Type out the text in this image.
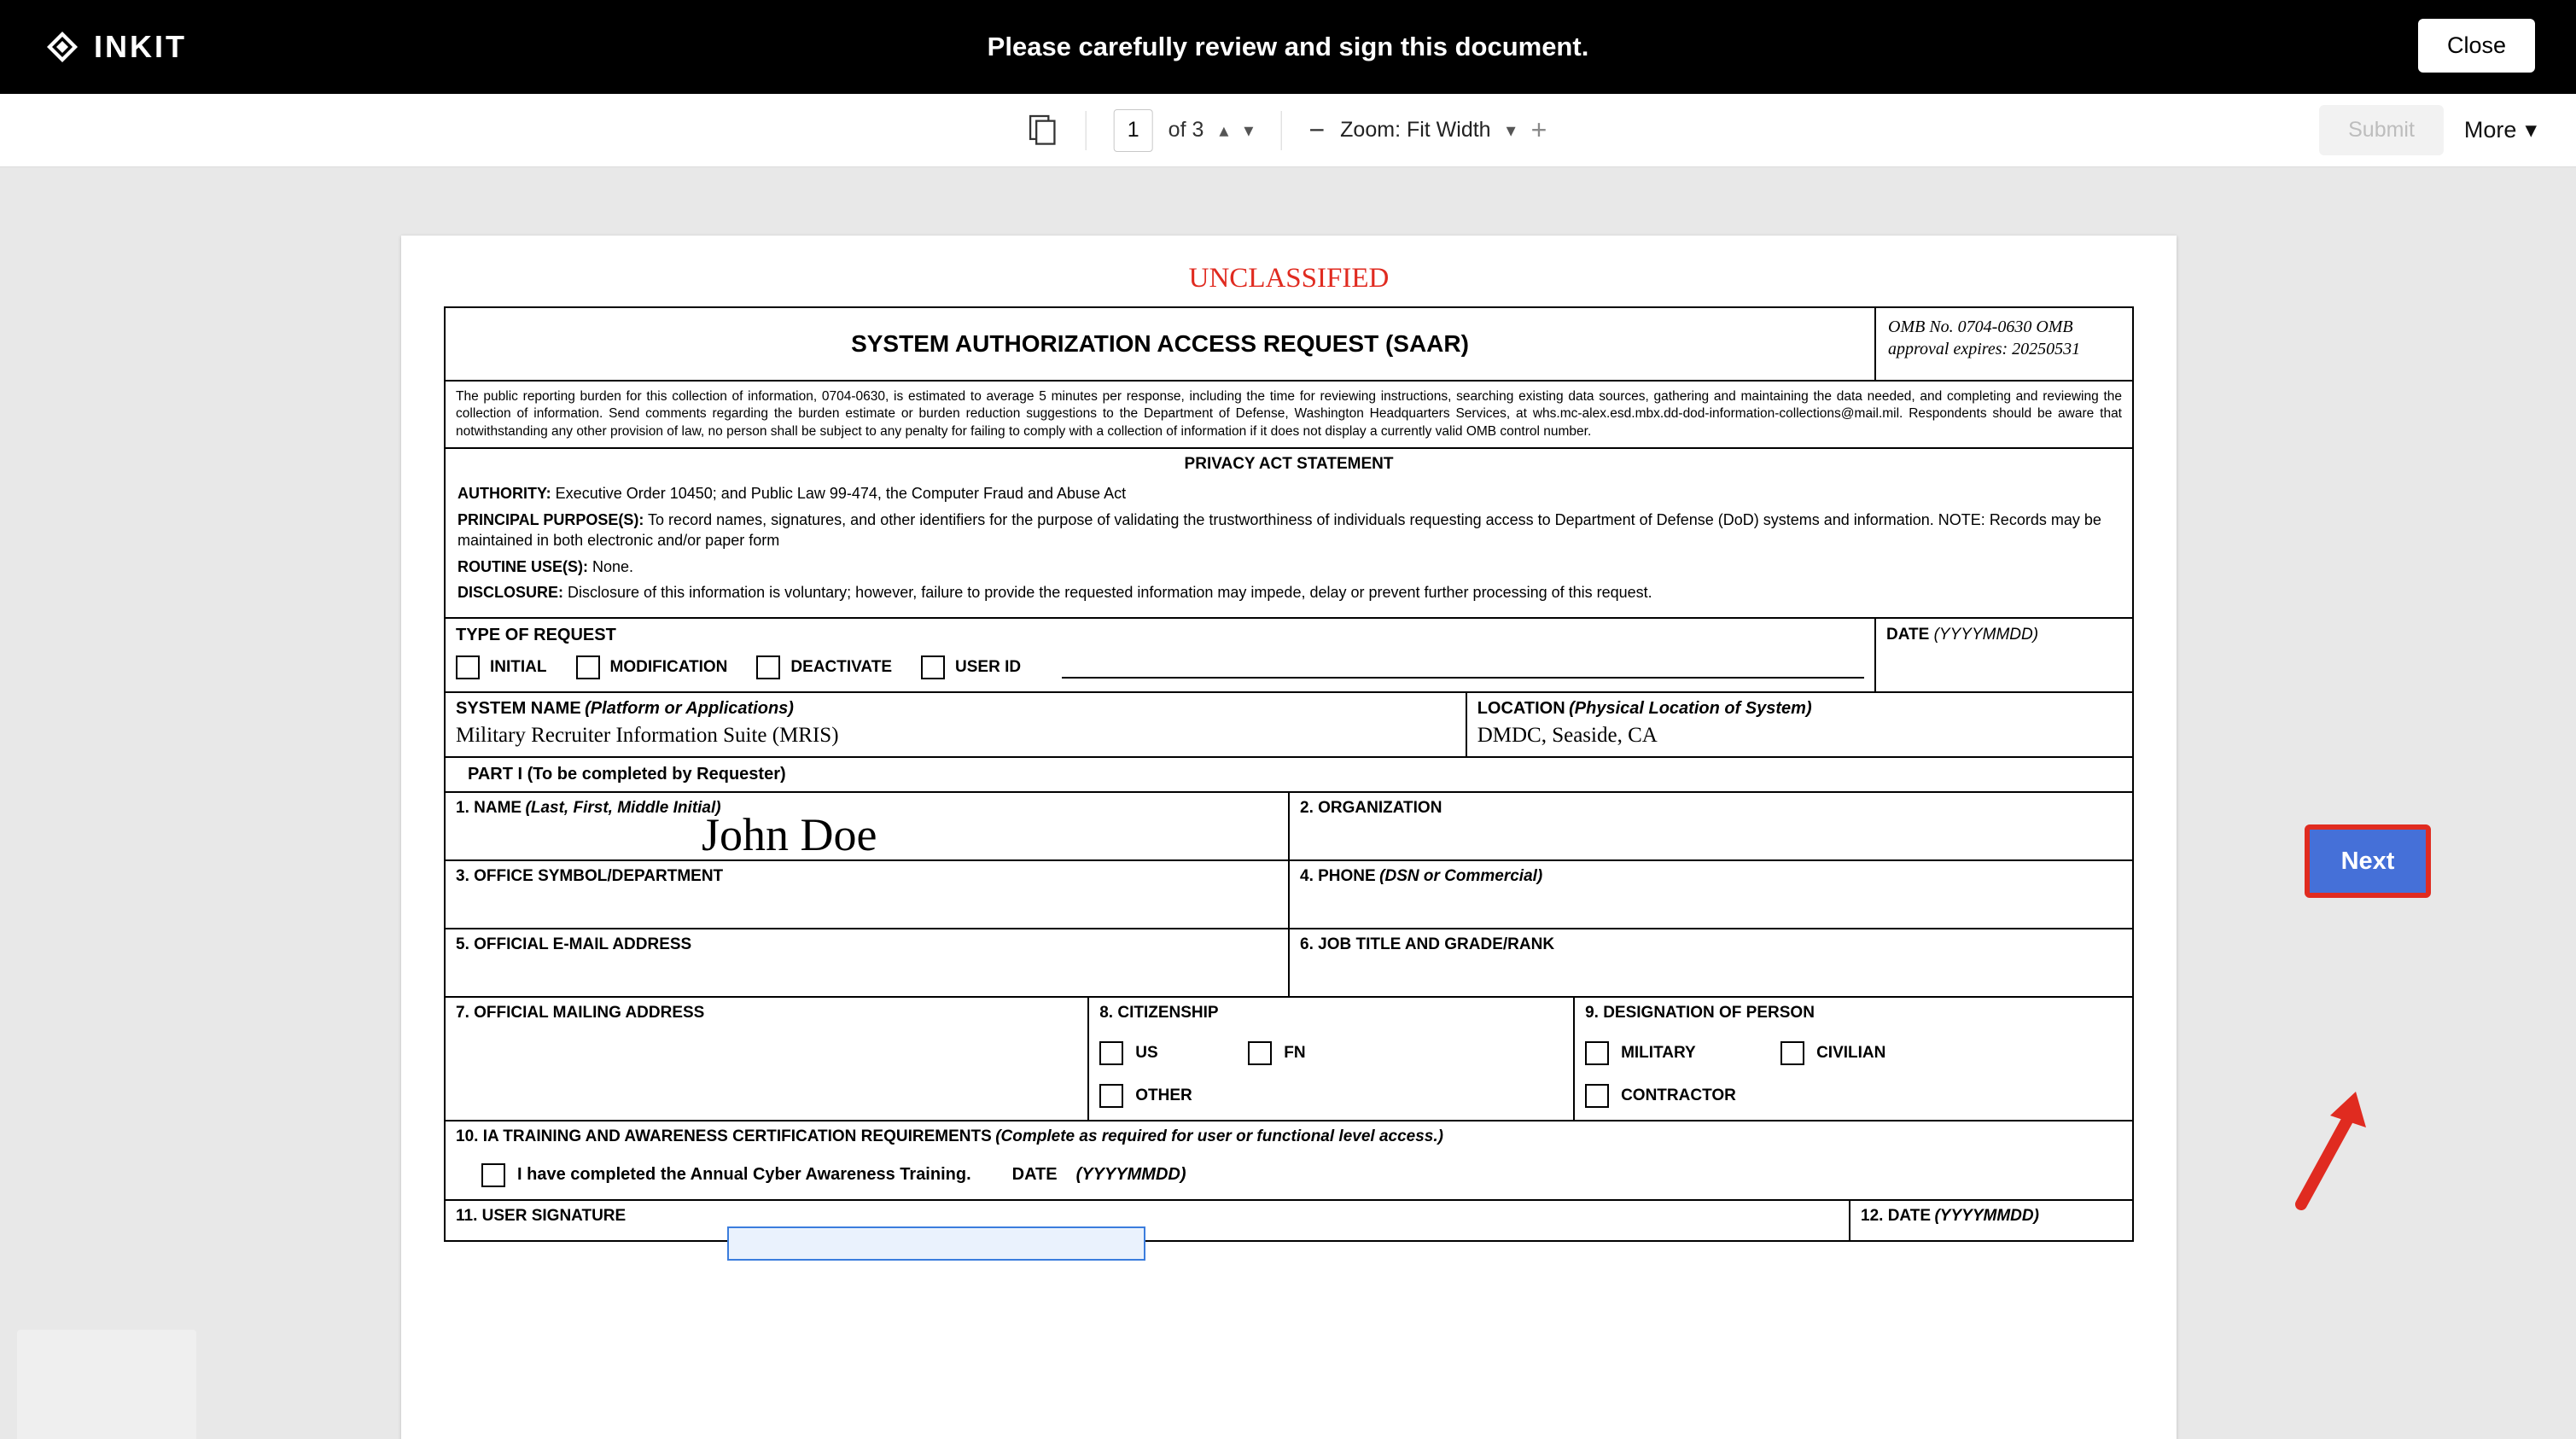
INKIT	Please carefully review and sign this document.	Close
1
of 3 ▴ ▾ − Zoom: Fit Width ▾ +	Submit	More ▾
UNCLASSIFIED
SYSTEM AUTHORIZATION ACCESS REQUEST (SAAR)
OMB No. 0704-0630 OMB approval expires: 20250531
The public reporting burden for this collection of information, 0704-0630, is estimated to average 5 minutes per response, including the time for reviewing instructions, searching existing data sources, gathering and maintaining the data needed, and completing and reviewing the collection of information. Send comments regarding the burden estimate or burden reduction suggestions to the Department of Defense, Washington Headquarters Services, at whs.mc-alex.esd.mbx.dd-dod-information-collections@mail.mil. Respondents should be aware that notwithstanding any other provision of law, no person shall be subject to any penalty for failing to comply with a collection of information if it does not display a currently valid OMB control number.
PRIVACY ACT STATEMENT

AUTHORITY: Executive Order 10450; and Public Law 99-474, the Computer Fraud and Abuse Act

PRINCIPAL PURPOSE(S): To record names, signatures, and other identifiers for the purpose of validating the trustworthiness of individuals requesting access to Department of Defense (DoD) systems and information. NOTE: Records may be maintained in both electronic and/or paper form

ROUTINE USE(S): None.

DISCLOSURE: Disclosure of this information is voluntary; however, failure to provide the requested information may impede, delay or prevent further processing of this request.

TYPE OF REQUEST
INITIAL	MODIFICATION	DEACTIVATE	USER ID
DATE (YYYYMMDD)
SYSTEM NAME (Platform or Applications)
Military Recruiter Information Suite (MRIS)
LOCATION (Physical Location of System)
DMDC, Seaside, CA
PART I (To be completed by Requester)
1. NAME (Last, First, Middle Initial)
John Doe
2. ORGANIZATION
3. OFFICE SYMBOL/DEPARTMENT	4. PHONE (DSN or Commercial)
5. OFFICIAL E-MAIL ADDRESS	6. JOB TITLE AND GRADE/RANK
7. OFFICIAL MAILING ADDRESS	8. CITIZENSHIP
US	FN
OTHER
9. DESIGNATION OF PERSON
MILITARY	CIVILIAN
CONTRACTOR
10. IA TRAINING AND AWARENESS CERTIFICATION REQUIREMENTS (Complete as required for user or functional level access.)
I have completed the Annual Cyber Awareness Training. DATE (YYYYMMDD)
11. USER SIGNATURE	12. DATE (YYYYMMDD)
Next
